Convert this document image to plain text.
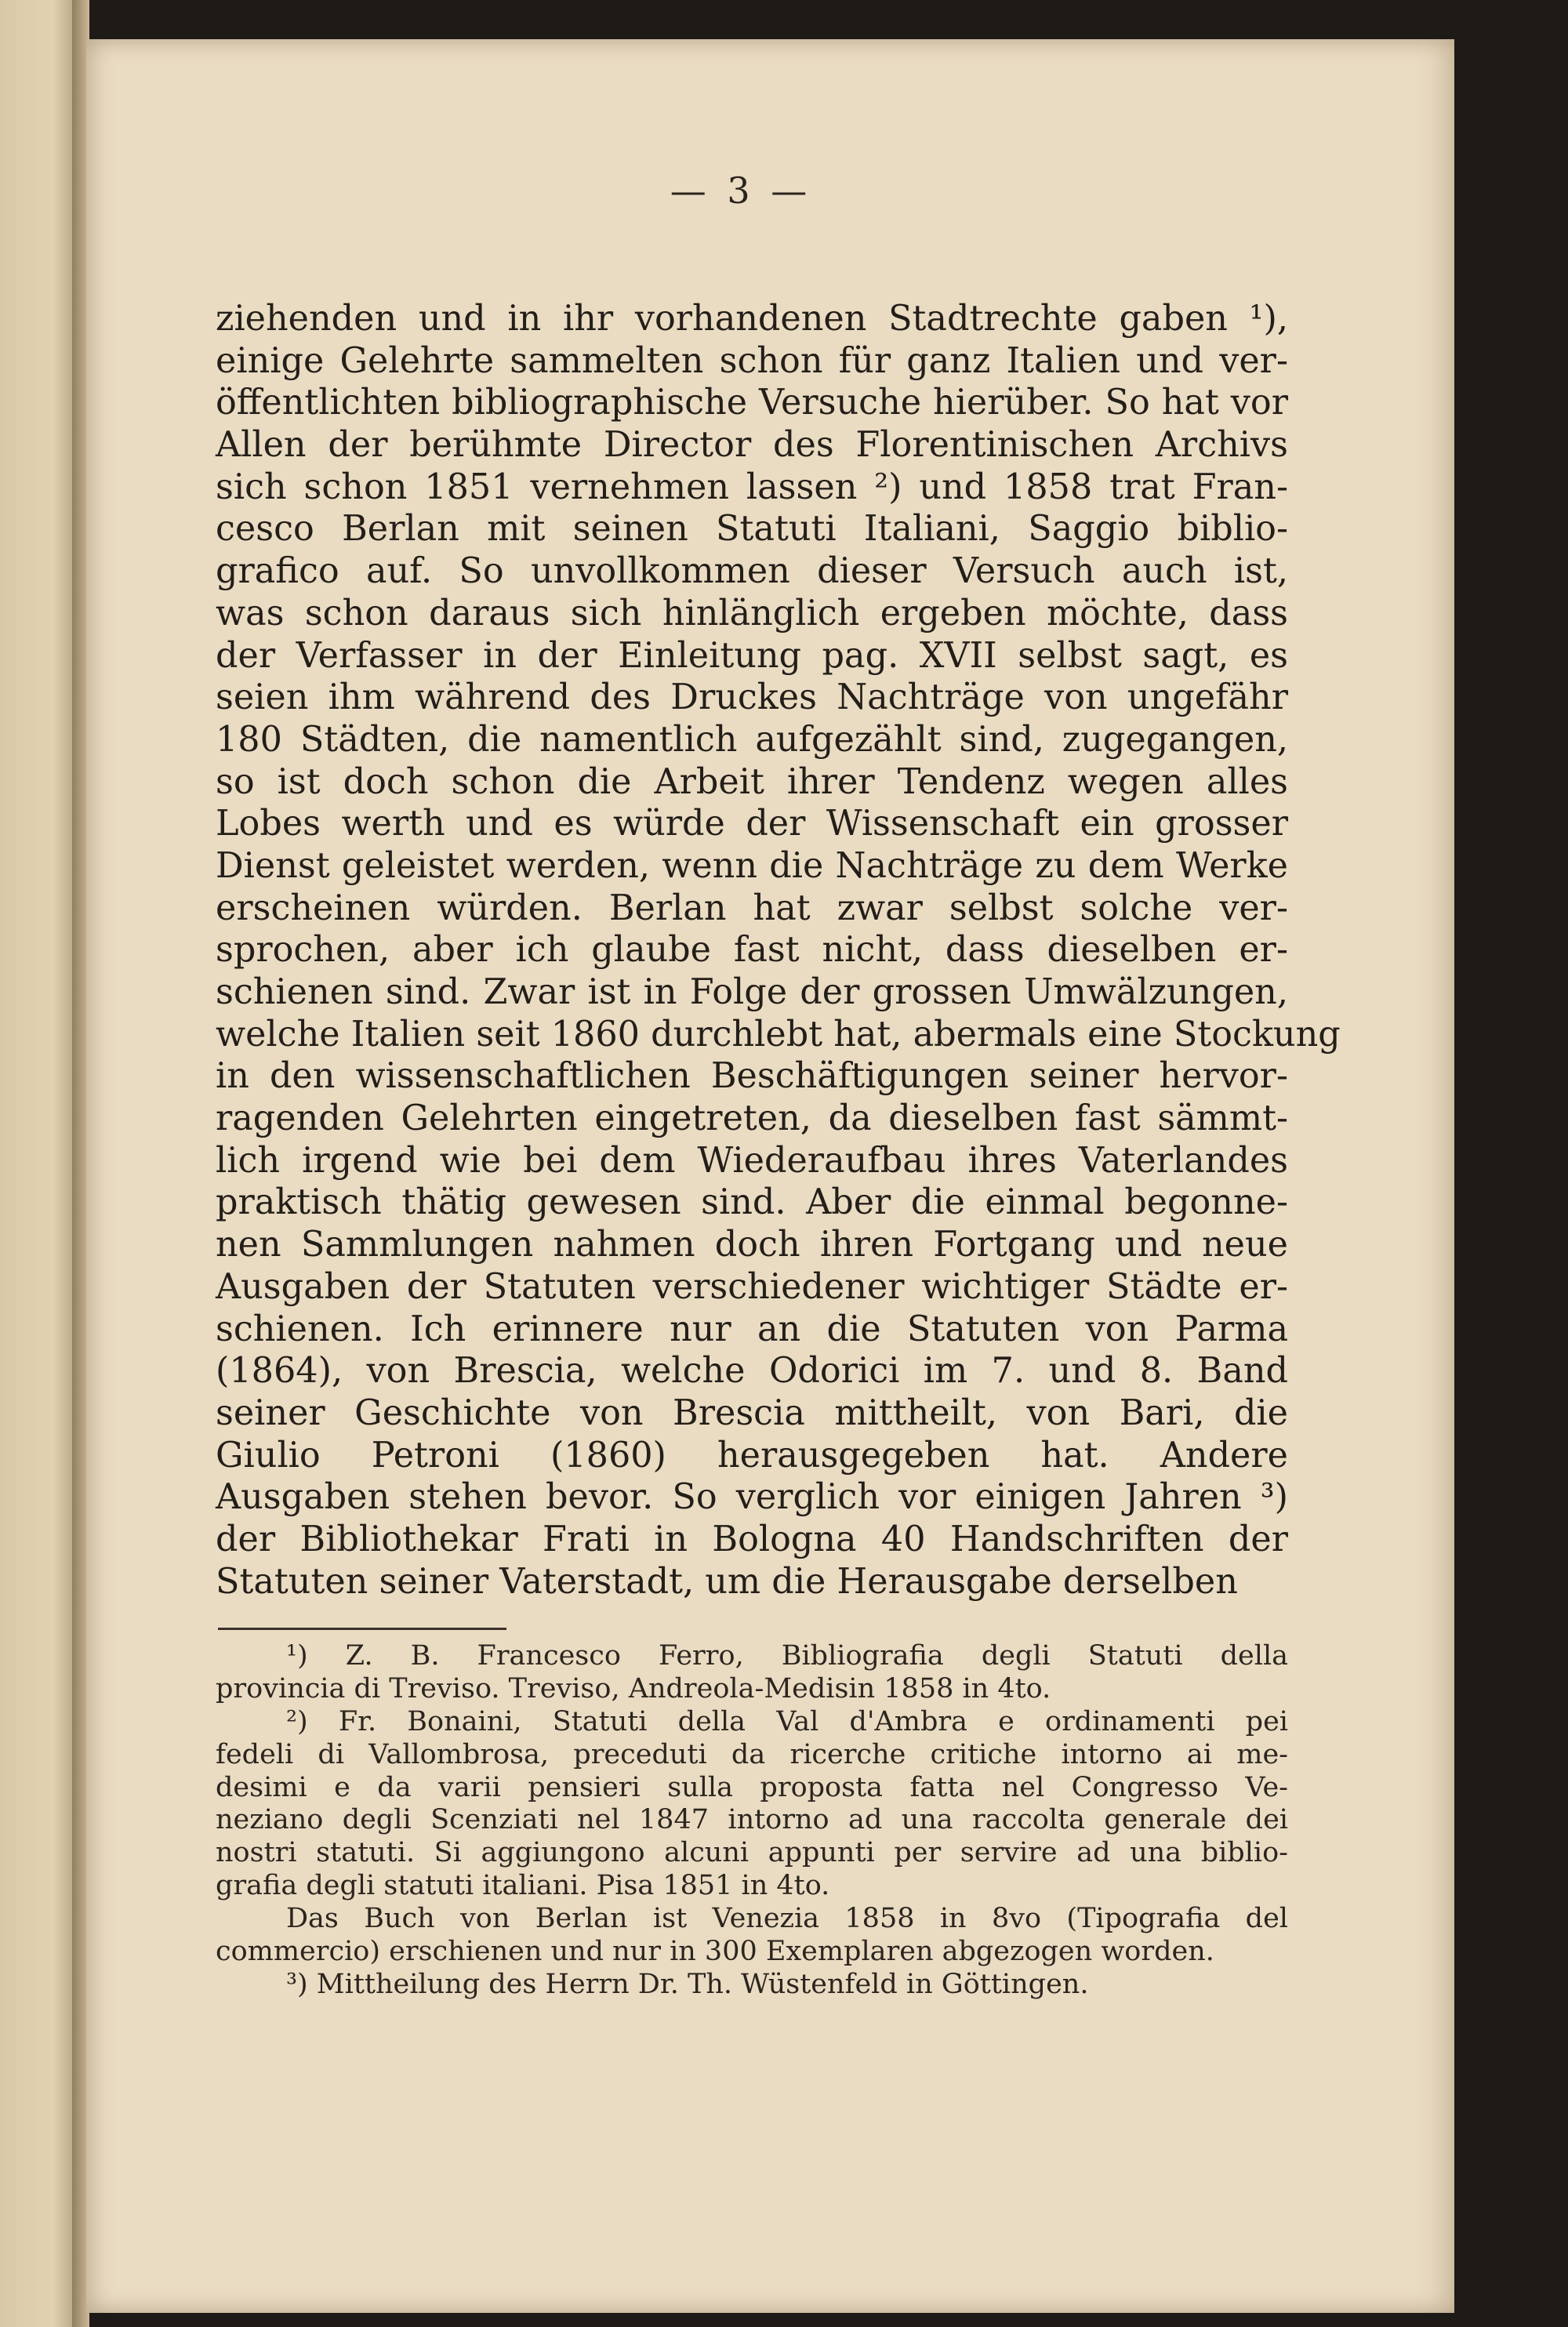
— 3 —
ziehenden und in ihr vorhandenen Stadtrechte gaben ¹),
einige Gelehrte sammelten schon für ganz Italien und ver-
öffentlichten bibliographische Versuche hierüber. So hat vor
Allen der berühmte Director des Florentinischen Archivs
sich schon 1851 vernehmen lassen ²) und 1858 trat Fran-
cesco Berlan mit seinen Statuti Italiani, Saggio biblio-
grafico auf. So unvollkommen dieser Versuch auch ist,
was schon daraus sich hinlänglich ergeben möchte, dass
der Verfasser in der Einleitung pag. XVII selbst sagt, es
seien ihm während des Druckes Nachträge von ungefähr
180 Städten, die namentlich aufgezählt sind, zugegangen,
so ist doch schon die Arbeit ihrer Tendenz wegen alles
Lobes werth und es würde der Wissenschaft ein grosser
Dienst geleistet werden, wenn die Nachträge zu dem Werke
erscheinen würden. Berlan hat zwar selbst solche ver-
sprochen, aber ich glaube fast nicht, dass dieselben er-
schienen sind. Zwar ist in Folge der grossen Umwälzungen,
welche Italien seit 1860 durchlebt hat, abermals eine Stockung
in den wissenschaftlichen Beschäftigungen seiner hervor-
ragenden Gelehrten eingetreten, da dieselben fast sämmt-
lich irgend wie bei dem Wiederaufbau ihres Vaterlandes
praktisch thätig gewesen sind. Aber die einmal begonne-
nen Sammlungen nahmen doch ihren Fortgang und neue
Ausgaben der Statuten verschiedener wichtiger Städte er-
schienen. Ich erinnere nur an die Statuten von Parma
(1864), von Brescia, welche Odorici im 7. und 8. Band
seiner Geschichte von Brescia mittheilt, von Bari, die
Giulio Petroni (1860) herausgegeben hat. Andere
Ausgaben stehen bevor. So verglich vor einigen Jahren ³)
der Bibliothekar Frati in Bologna 40 Handschriften der
Statuten seiner Vaterstadt, um die Herausgabe derselben
¹) Z. B. Francesco Ferro, Bibliografia degli Statuti della
provincia di Treviso. Treviso, Andreola-Medisin 1858 in 4to.
²) Fr. Bonaini, Statuti della Val d'Ambra e ordinamenti pei
fedeli di Vallombrosa, preceduti da ricerche critiche intorno ai me-
desimi e da varii pensieri sulla proposta fatta nel Congresso Ve-
neziano degli Scenziati nel 1847 intorno ad una raccolta generale dei
nostri statuti. Si aggiungono alcuni appunti per servire ad una biblio-
grafia degli statuti italiani. Pisa 1851 in 4to.
Das Buch von Berlan ist Venezia 1858 in 8vo (Tipografia del
commercio) erschienen und nur in 300 Exemplaren abgezogen worden.
³) Mittheilung des Herrn Dr. Th. Wüstenfeld in Göttingen.
